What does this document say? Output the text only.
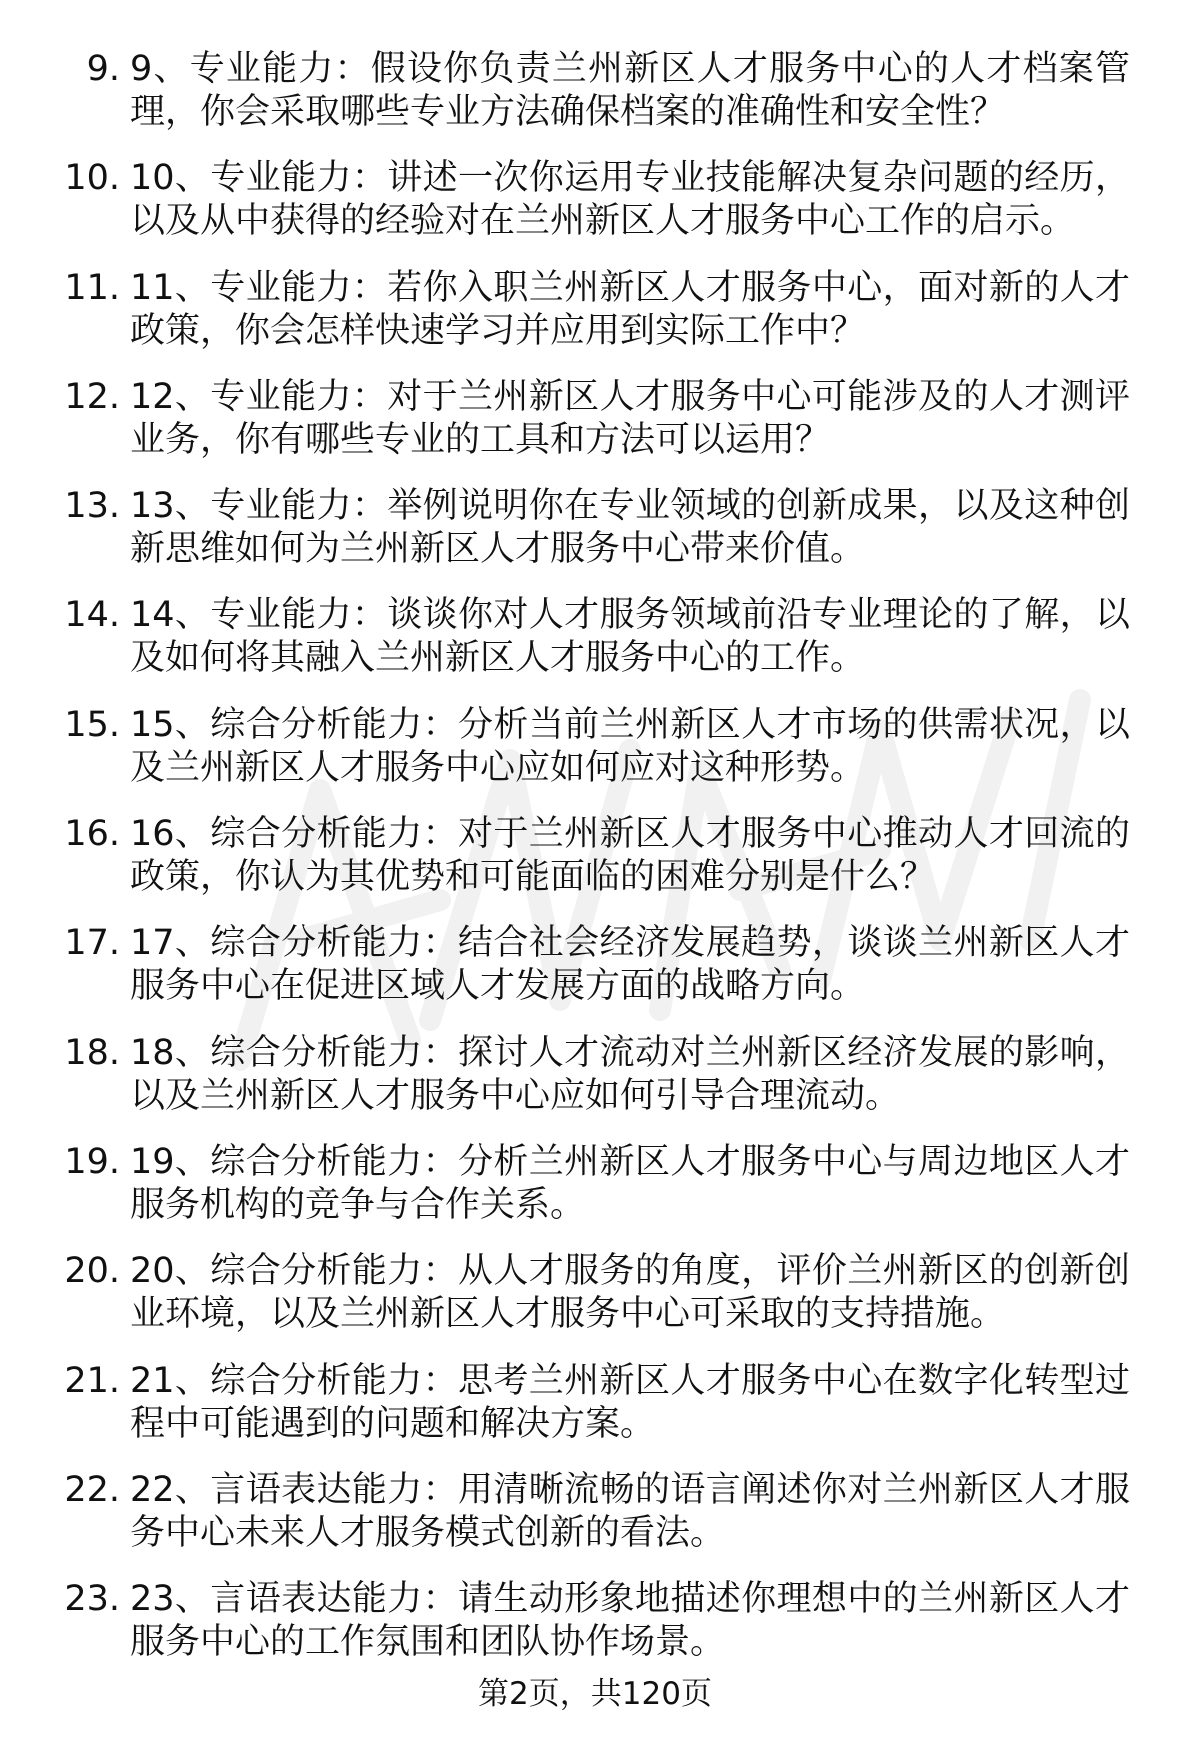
9. 9、专业能力：假设你负责兰州新区人才服务中心的人才档案管理，你会采取哪些专业方法确保档案的准确性和安全性？
10. 10、专业能力：讲述一次你运用专业技能解决复杂问题的经历，以及从中获得的经验对在兰州新区人才服务中心工作的启示。
11. 11、专业能力：若你入职兰州新区人才服务中心，面对新的人才政策，你会怎样快速学习并应用到实际工作中？
12. 12、专业能力：对于兰州新区人才服务中心可能涉及的人才测评业务，你有哪些专业的工具和方法可以运用？
13. 13、专业能力：举例说明你在专业领域的创新成果，以及这种创新思维如何为兰州新区人才服务中心带来价值。
14. 14、专业能力：谈谈你对人才服务领域前沿专业理论的了解，以及如何将其融入兰州新区人才服务中心的工作。
15. 15、综合分析能力：分析当前兰州新区人才市场的供需状况，以及兰州新区人才服务中心应如何应对这种形势。
16. 16、综合分析能力：对于兰州新区人才服务中心推动人才回流的政策，你认为其优势和可能面临的困难分别是什么？
17. 17、综合分析能力：结合社会经济发展趋势，谈谈兰州新区人才服务中心在促进区域人才发展方面的战略方向。
18. 18、综合分析能力：探讨人才流动对兰州新区经济发展的影响，以及兰州新区人才服务中心应如何引导合理流动。
19. 19、综合分析能力：分析兰州新区人才服务中心与周边地区人才服务机构的竞争与合作关系。
20. 20、综合分析能力：从人才服务的角度，评价兰州新区的创新创业环境，以及兰州新区人才服务中心可采取的支持措施。
21. 21、综合分析能力：思考兰州新区人才服务中心在数字化转型过程中可能遇到的问题和解决方案。
22. 22、言语表达能力：用清晰流畅的语言阐述你对兰州新区人才服务中心未来人才服务模式创新的看法。
23. 23、言语表达能力：请生动形象地描述你理想中的兰州新区人才服务中心的工作氛围和团队协作场景。
第2页，共120页
